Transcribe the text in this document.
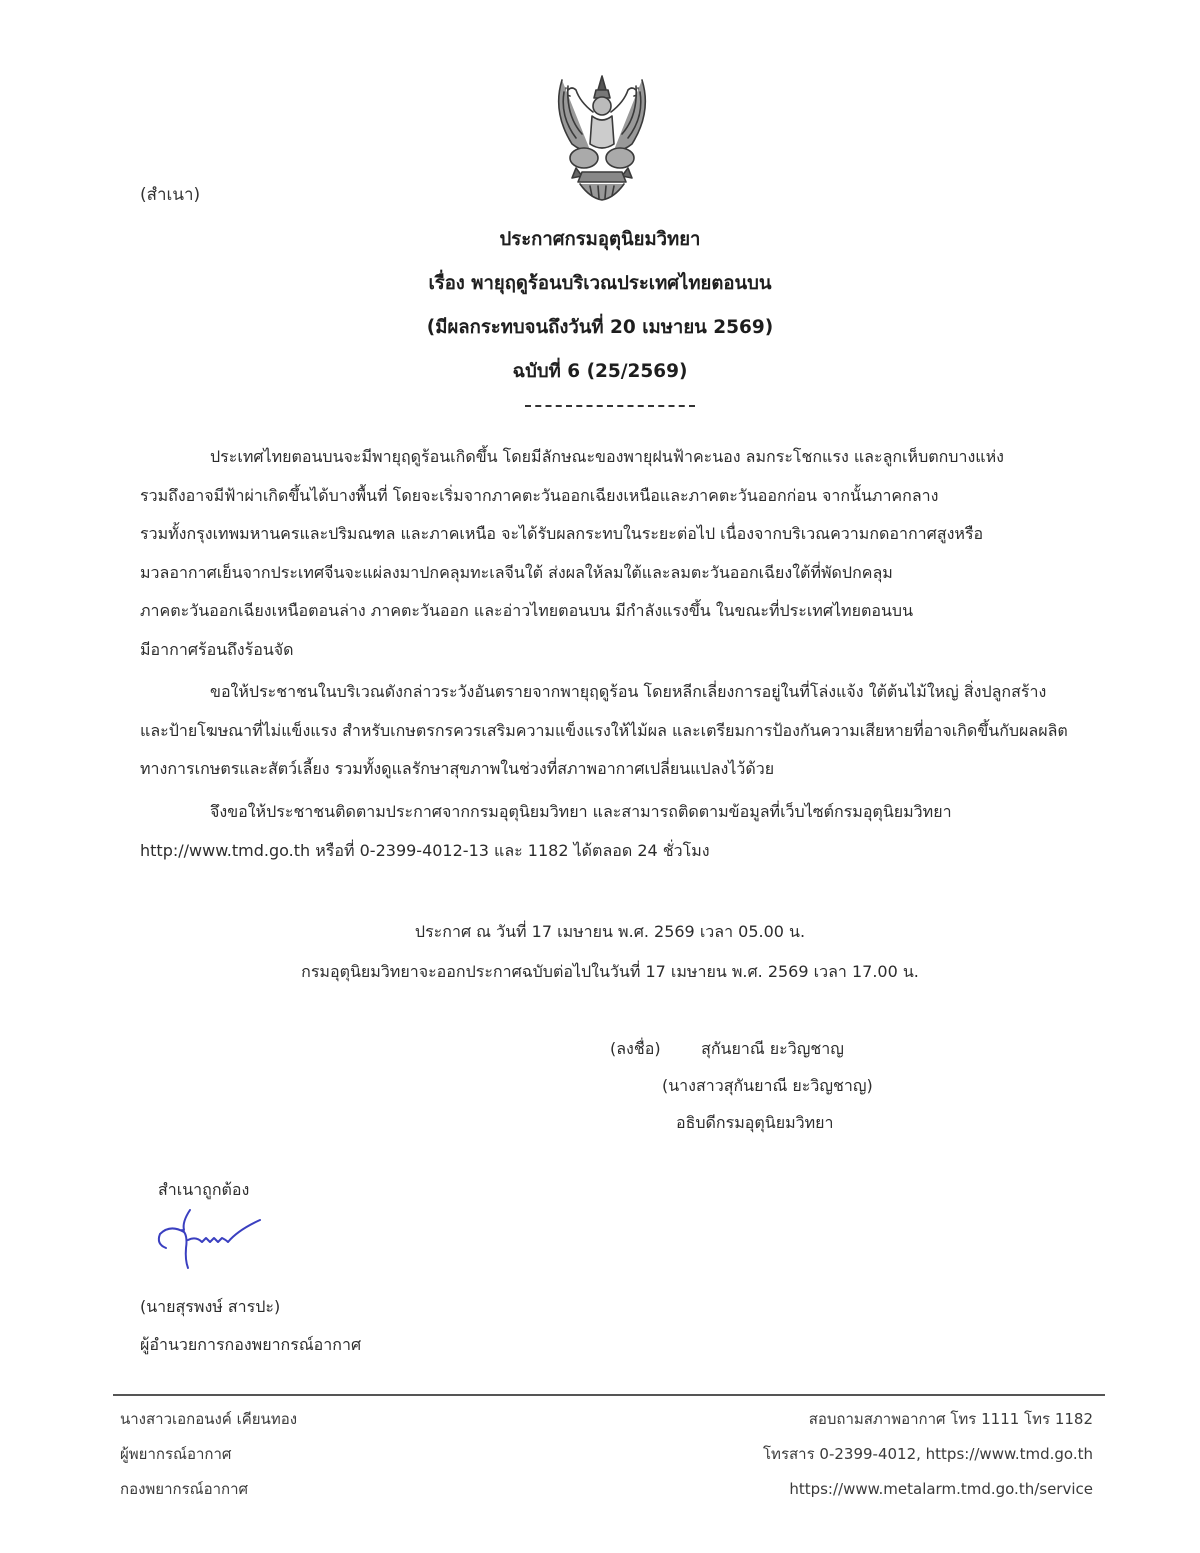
(สำเนา)
ประกาศกรมอุตุนิยมวิทยา
เรื่อง พายุฤดูร้อนบริเวณประเทศไทยตอนบน
(มีผลกระทบจนถึงวันที่ 20 เมษายน 2569)
ฉบับที่ 6 (25/2569)
ประเทศไทยตอนบนจะมีพายุฤดูร้อนเกิดขึ้น โดยมีลักษณะของพายุฝนฟ้าคะนอง ลมกระโชกแรง และลูกเห็บตกบางแห่ง
รวมถึงอาจมีฟ้าผ่าเกิดขึ้นได้บางพื้นที่ โดยจะเริ่มจากภาคตะวันออกเฉียงเหนือและภาคตะวันออกก่อน จากนั้นภาคกลาง
รวมทั้งกรุงเทพมหานครและปริมณฑล และภาคเหนือ จะได้รับผลกระทบในระยะต่อไป เนื่องจากบริเวณความกดอากาศสูงหรือ
มวลอากาศเย็นจากประเทศจีนจะแผ่ลงมาปกคลุมทะเลจีนใต้ ส่งผลให้ลมใต้และลมตะวันออกเฉียงใต้ที่พัดปกคลุม
ภาคตะวันออกเฉียงเหนือตอนล่าง ภาคตะวันออก และอ่าวไทยตอนบน มีกำลังแรงขึ้น ในขณะที่ประเทศไทยตอนบน
มีอากาศร้อนถึงร้อนจัด
ขอให้ประชาชนในบริเวณดังกล่าวระวังอันตรายจากพายุฤดูร้อน โดยหลีกเลี่ยงการอยู่ในที่โล่งแจ้ง ใต้ต้นไม้ใหญ่ สิ่งปลูกสร้าง
และป้ายโฆษณาที่ไม่แข็งแรง สำหรับเกษตรกรควรเสริมความแข็งแรงให้ไม้ผล และเตรียมการป้องกันความเสียหายที่อาจเกิดขึ้นกับผลผลิต
ทางการเกษตรและสัตว์เลี้ยง รวมทั้งดูแลรักษาสุขภาพในช่วงที่สภาพอากาศเปลี่ยนแปลงไว้ด้วย
จึงขอให้ประชาชนติดตามประกาศจากกรมอุตุนิยมวิทยา และสามารถติดตามข้อมูลที่เว็บไซต์กรมอุตุนิยมวิทยา
http://www.tmd.go.th หรือที่ 0-2399-4012-13 และ 1182 ได้ตลอด 24 ชั่วโมง
ประกาศ ณ วันที่ 17 เมษายน พ.ศ. 2569 เวลา 05.00 น.
กรมอุตุนิยมวิทยาจะออกประกาศฉบับต่อไปในวันที่ 17 เมษายน พ.ศ. 2569 เวลา 17.00 น.
(ลงชื่อ)	สุกันยาณี ยะวิญชาญ
(นางสาวสุกันยาณี ยะวิญชาญ)
อธิบดีกรมอุตุนิยมวิทยา
สำเนาถูกต้อง
(นายสุรพงษ์ สารปะ)
ผู้อำนวยการกองพยากรณ์อากาศ
นางสาวเอกอนงค์ เคียนทอง
ผู้พยากรณ์อากาศ
กองพยากรณ์อากาศ
สอบถามสภาพอากาศ โทร 1111 โทร 1182
โทรสาร 0-2399-4012, https://www.tmd.go.th
https://www.metalarm.tmd.go.th/service
